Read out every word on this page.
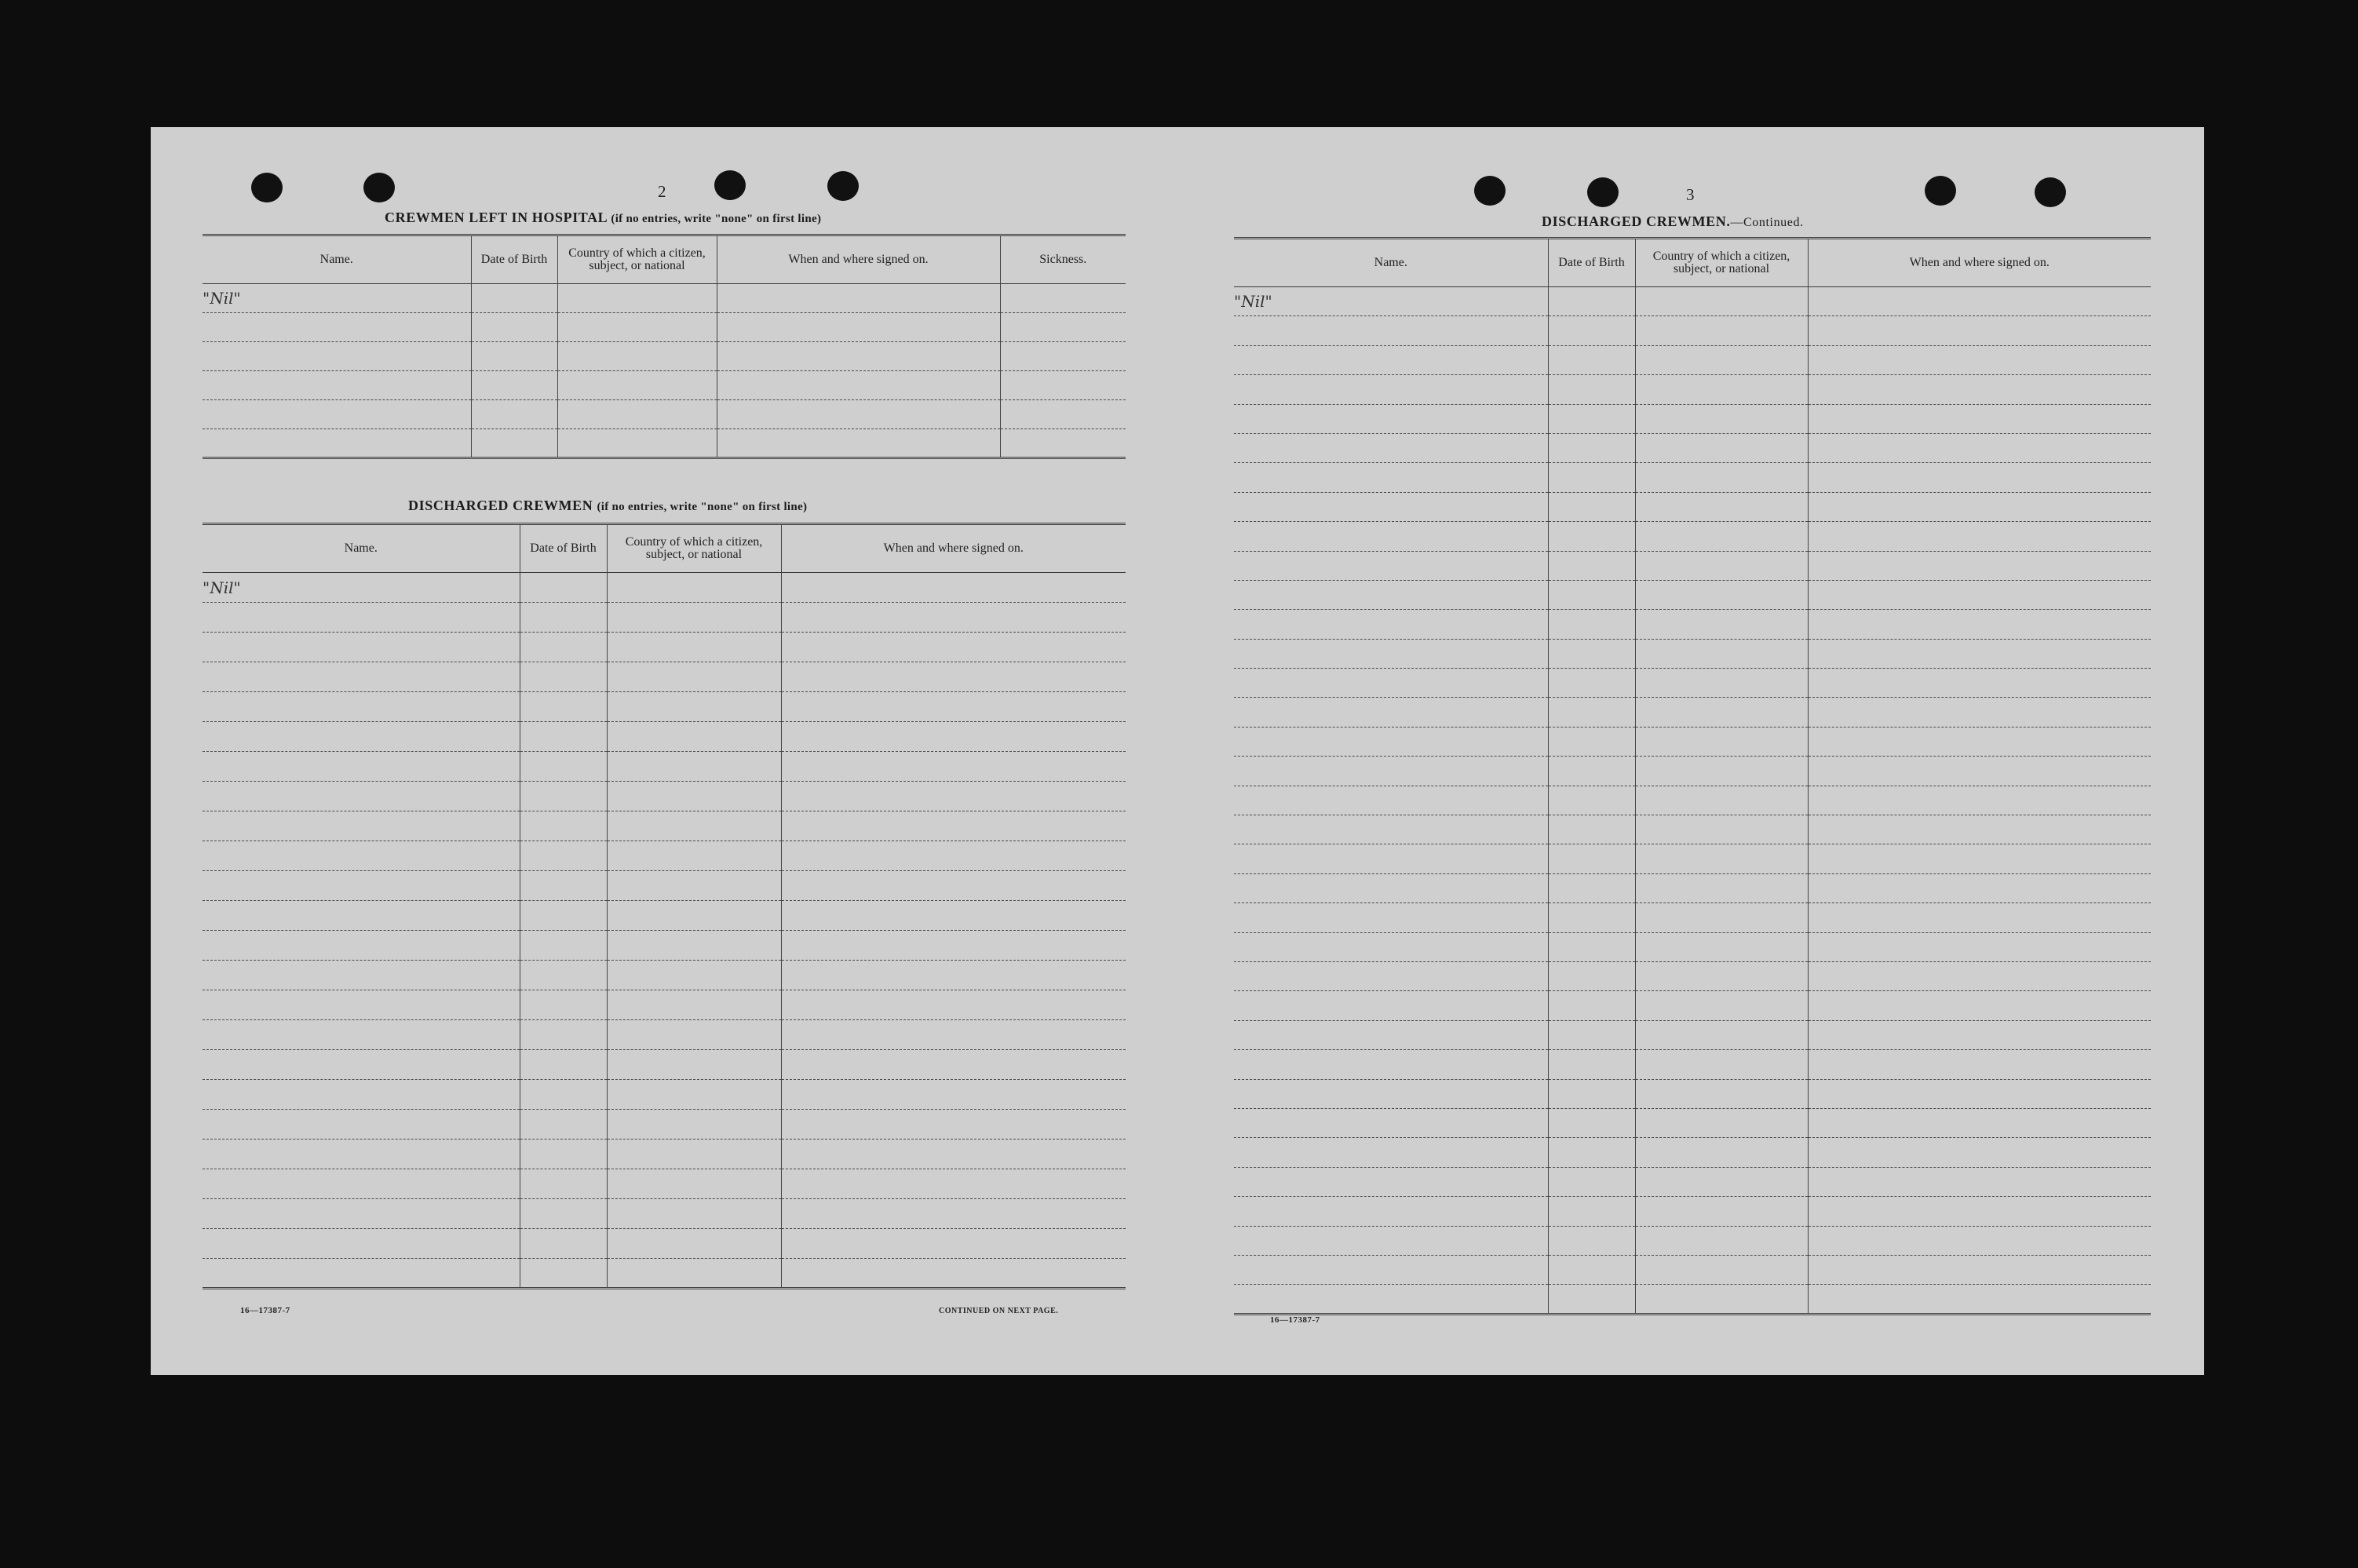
2
CREWMEN LEFT IN HOSPITAL (if no entries, write "none" on first line)
Name.	Date of Birth	Country of which a citizen, subject, or national	When and where signed on.	Sickness.
"Nil"				

DISCHARGED CREWMEN (if no entries, write "none" on first line)
Name.	Date of Birth	Country of which a citizen, subject, or national	When and where signed on.
"Nil"			

16—17387-7	CONTINUED ON NEXT PAGE.
3
DISCHARGED CREWMEN.—Continued.
Name.	Date of Birth	Country of which a citizen, subject, or national	When and where signed on.
"Nil"			

16—17387-7
